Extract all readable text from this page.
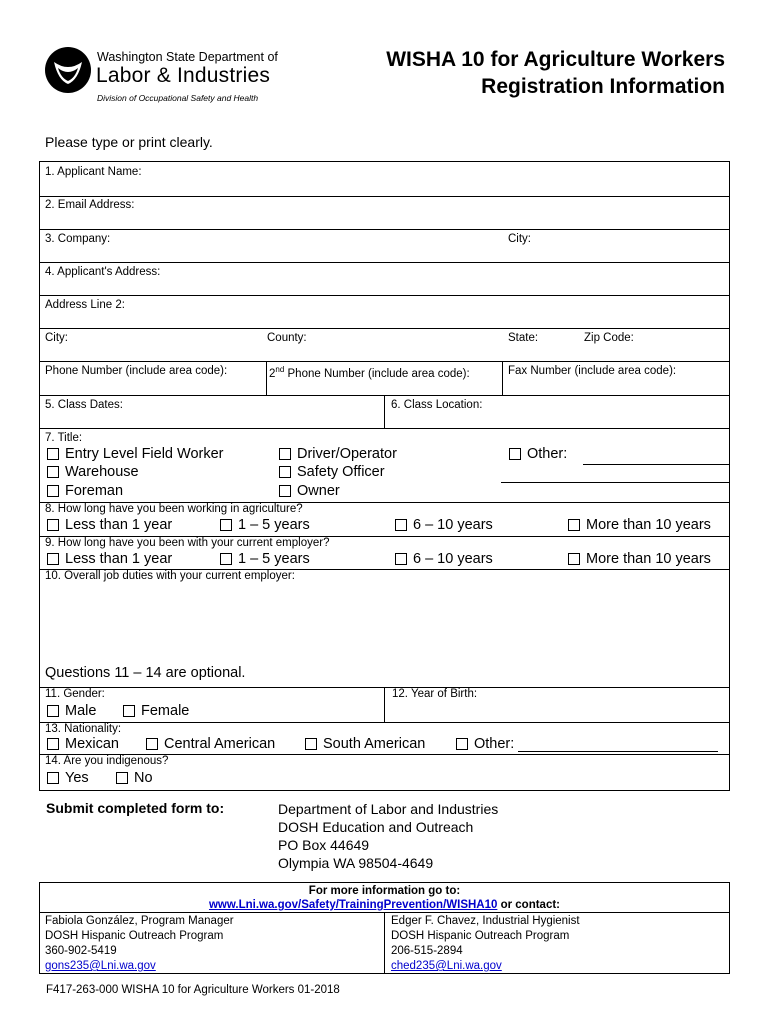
Washington State Department of
Labor & Industries
Division of Occupational Safety and Health
WISHA 10 for Agriculture Workers
Registration Information
Please type or print clearly.
1. Applicant Name:
2. Email Address:
3. Company:	City:
4. Applicant's Address:
Address Line 2:
City:	County:	State:	Zip Code:
Phone Number (include area code):	2nd Phone Number (include area code):	Fax Number (include area code):
5. Class Dates:	6. Class Location:
7. Title:
Entry Level Field Worker
Warehouse
Foreman
Driver/Operator
Safety Officer
Owner
Other:
8. How long have you been working in agriculture?
Less than 1 year	1 – 5 years	6 – 10 years	More than 10 years
9. How long have you been with your current employer?
Less than 1 year	1 – 5 years	6 – 10 years	More than 10 years
10. Overall job duties with your current employer:
Questions 11 – 14 are optional.
11. Gender:
Male	Female
12. Year of Birth:
13. Nationality:
Mexican	Central American	South American	Other:
14. Are you indigenous?
Yes	No
Submit completed form to:	Department of Labor and Industries
DOSH Education and Outreach
PO Box 44649
Olympia WA 98504-4649
For more information go to:
www.Lni.wa.gov/Safety/TrainingPrevention/WISHA10 or contact:
Fabiola González, Program Manager
DOSH Hispanic Outreach Program
360-902-5419
gons235@Lni.wa.gov
Edger F. Chavez, Industrial Hygienist
DOSH Hispanic Outreach Program
206-515-2894
ched235@Lni.wa.gov
F417-263-000 WISHA 10 for Agriculture Workers 01-2018
